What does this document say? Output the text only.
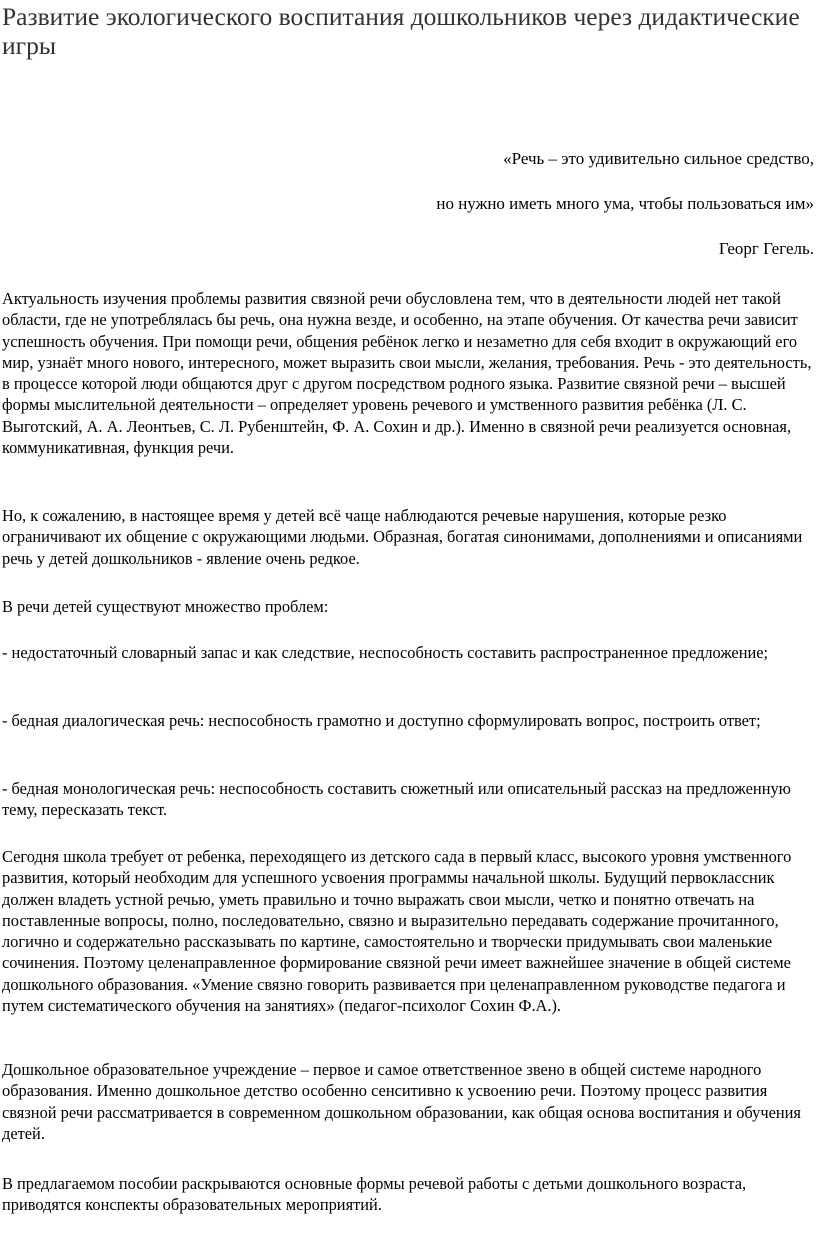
Развитие экологического воспитания дошкольников через дидактические игры

«Речь – это удивительно сильное средство,

но нужно иметь много ума, чтобы пользоваться им»

Георг Гегель.

Актуальность изучения проблемы развития связной речи обусловлена тем, что в деятельности людей нет такой области, где не употреблялась бы речь, она нужна везде, и особенно, на этапе обучения. От качества речи зависит успешность обучения. При помощи речи, общения ребёнок легко и незаметно для себя входит в окружающий его мир, узнаёт много нового, интересного, может выразить свои мысли, желания, требования. Речь - это деятельность, в процессе которой люди общаются друг с другом посредством родного языка. Развитие связной речи – высшей формы мыслительной деятельности – определяет уровень речевого и умственного развития ребёнка (Л. С. Выготский, А. А. Леонтьев, С. Л. Рубенштейн, Ф. А. Сохин и др.). Именно в связной речи реализуется основная, коммуникативная, функция речи.

Но, к сожалению, в настоящее время у детей всё чаще наблюдаются речевые нарушения, которые резко ограничивают их общение с окружающими людьми. Образная, богатая синонимами, дополнениями и описаниями речь у детей дошкольников - явление очень редкое.

В речи детей существуют множество проблем:

- недостаточный словарный запас и как следствие, неспособность составить распространенное предложение;

- бедная диалогическая речь: неспособность грамотно и доступно сформулировать вопрос, построить ответ;

- бедная монологическая речь: неспособность составить сюжетный или описательный рассказ на предложенную тему, пересказать текст.

Сегодня школа требует от ребенка, переходящего из детского сада в первый класс, высокого уровня умственного развития, который необходим для успешного усвоения программы начальной школы. Будущий первоклассник должен владеть устной речью, уметь правильно и точно выражать свои мысли, четко и понятно отвечать на поставленные вопросы, полно, последовательно, связно и выразительно передавать содержание прочитанного, логично и содержательно рассказывать по картине, самостоятельно и творчески придумывать свои маленькие сочинения. Поэтому целенаправленное формирование связной речи имеет важнейшее значение в общей системе дошкольного образования. «Умение связно говорить развивается при целенаправленном руководстве педагога и путем систематического обучения на занятиях» (педагог-психолог Сохин Ф.А.).

Дошкольное образовательное учреждение – первое и самое ответственное звено в общей системе народного образования. Именно дошкольное детство особенно сенситивно к усвоению речи. Поэтому процесс развития связной речи рассматривается в современном дошкольном образовании, как общая основа воспитания и обучения детей.

В предлагаемом пособии раскрываются основные формы речевой работы с детьми дошкольного возраста, приводятся конспекты образовательных мероприятий.
